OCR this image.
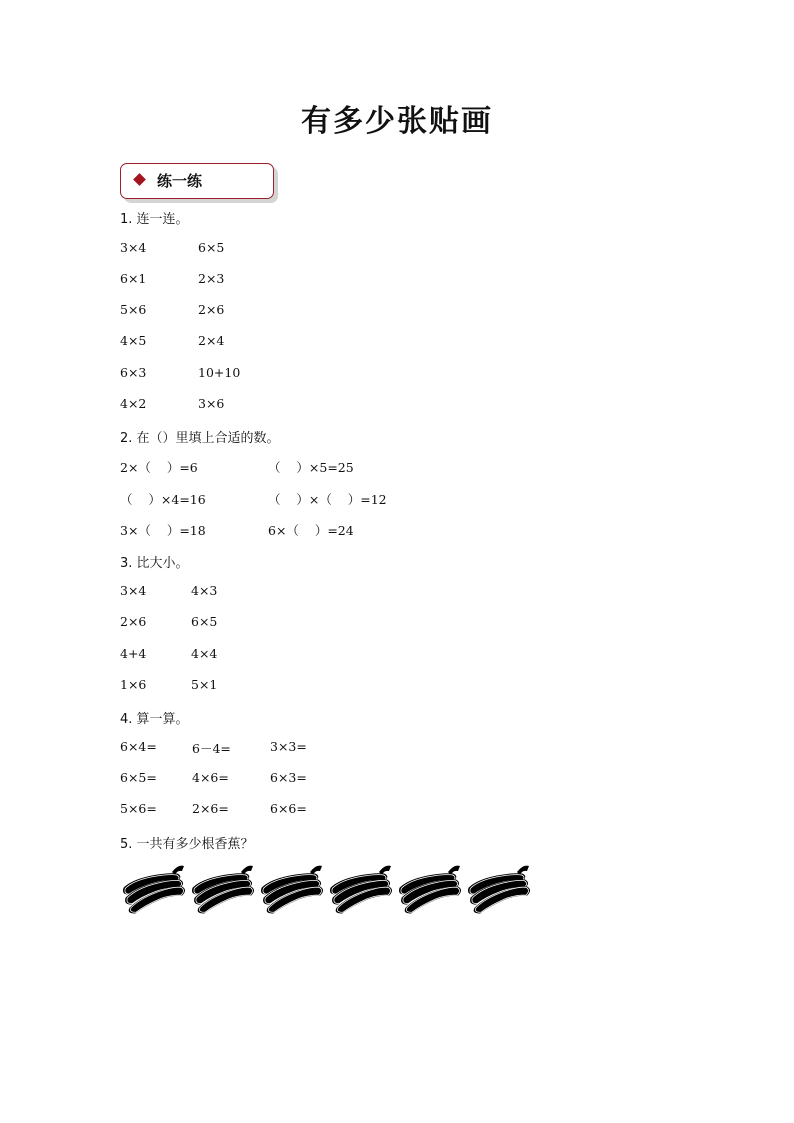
有多少张贴画
练一练
1. 连一连。
3×4	6×5
6×1	2×3
5×6	2×6
4×5	2×4
6×3	10+10
4×2	3×6
2. 在（）里填上合适的数。
2×（    ）=6	（    ）×5=25
（    ）×4=16	（    ）×（    ）=12
3×（    ）=18	6×（    ）=24
3. 比大小。
3×4	4×3
2×6	6×5
4+4	4×4
1×6	5×1
4. 算一算。
6×4=	6－4=	3×3=
6×5=	4×6=	6×3=
5×6=	2×6=	6×6=
5. 一共有多少根香蕉？
